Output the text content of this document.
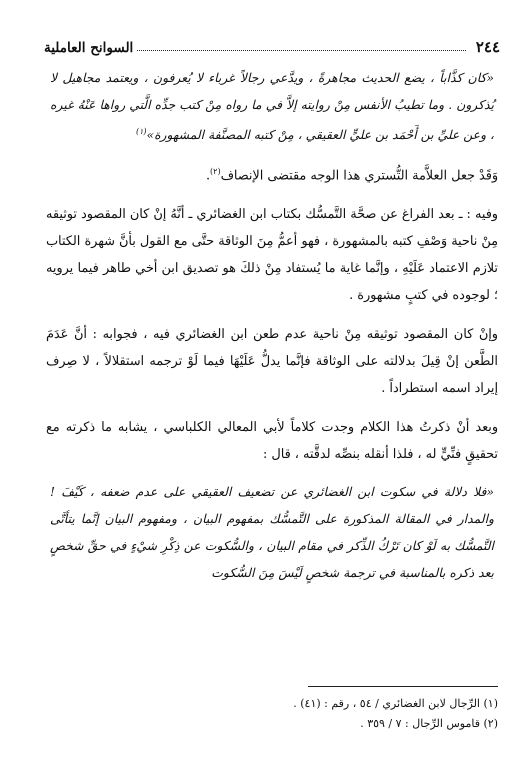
٢٤٤
السوانح العاملية

«كان كذَّاباً ، يضع الحديث مجاهرةً ، ويدَّعي رجالاً غرباء لا يُعرفون ، ويعتمد مجاهيل لا يُذكرون . وما تطيبُ الأنفس مِنْ روايته إلاَّ في ما رواه مِنْ كتب جدِّه الَّتي رواها عَنْهُ غيره ، وعن عليِّ بن أَحْمَد بن عليٍّ العقيقي ، مِنْ كتبه المصنَّفة المشهورة»$^{(١)}$

وَقَدْ جعل العلاَّمة التُّستري هذا الوجه مقتضى الإنصاف$^{(٢)}$.

وفيه : ـ بعد الفراغ عن صحَّة التَّمسُّك بكتاب ابن الغضائري ـ أنَّهُ إنْ كان المقصود توثيقه مِنْ ناحية وَصْفِ كتبه بالمشهورة ، فهو أعمُّ مِنَ الوثاقة حتَّى مع القول بأنَّ شهرة الكتاب تلازم الاعتماد عَلَيْهِ ، وإنَّما غاية ما يُستفاد مِنْ ذلكَ هو تصديق ابن أخي طاهر فيما يرويه ؛ لوجوده في كتبٍ مشهورة .

وإنْ كان المقصود توثيقه مِنْ ناحية عدم طعن ابن الغضائري فيه ، فجوابه : أنَّ عَدَمَ الطَّعن إنْ قِيلَ بدلالته على الوثاقة فإنَّما يدلُّ عَلَيْهَا فيما لَوْ ترجمه استقلالاً ، لا صِرف إيراد اسمه استطراداً .

وبعد أنْ ذكرتُ هذا الكلام وجدت كلاماً لأبي المعالي الكلباسي ، يشابه ما ذكرته مع تحقيقٍ فنِّيٍّ له ، فلذا أنقله بنصِّه لدقَّته ، قال :

«فلا دلالة في سكوت ابن الغضائري عن تضعيف العقيقي على عدم ضعفه ، كَيْفَ ! والمدار في المقالة المذكورة على التَّمسُّك بمفهوم البيان ، ومفهوم البيان إنَّما يتأتَّى التَّمسُّك به لَوْ كان تَرْكُ الذِّكر في مقام البيان ، والسُّكوت عن ذِكْرِ شيْءٍ في حقِّ شخصٍ بعد ذكره بالمناسبة في ترجمة شخصٍ لَيْسَ مِنَ السُّكوت

(١) الرِّجال لابن الغضائري / ٥٤ ، رقم : (٤١) .

(٢) قاموس الرِّجال : ٧ / ٣٥٩ .
